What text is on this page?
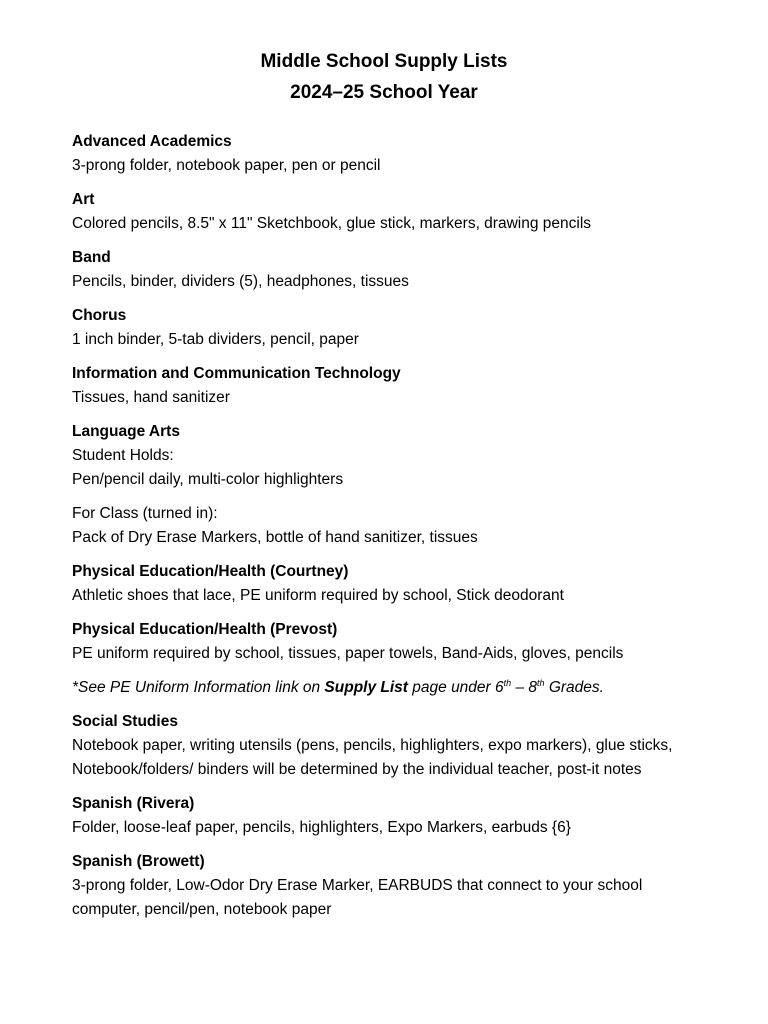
Middle School Supply Lists
2024–25 School Year
Advanced Academics
3-prong folder, notebook paper, pen or pencil
Art
Colored pencils, 8.5" x 11" Sketchbook, glue stick, markers, drawing pencils
Band
Pencils, binder, dividers (5), headphones, tissues
Chorus
1 inch binder, 5-tab dividers, pencil, paper
Information and Communication Technology
Tissues, hand sanitizer
Language Arts
Student Holds:
Pen/pencil daily, multi-color highlighters
For Class (turned in):
Pack of Dry Erase Markers, bottle of hand sanitizer, tissues
Physical Education/Health (Courtney)
Athletic shoes that lace, PE uniform required by school, Stick deodorant
Physical Education/Health (Prevost)
PE uniform required by school, tissues, paper towels, Band-Aids, gloves, pencils
*See PE Uniform Information link on Supply List page under 6th – 8th Grades.
Social Studies
Notebook paper, writing utensils (pens, pencils, highlighters, expo markers), glue sticks,
Notebook/folders/ binders will be determined by the individual teacher, post-it notes
Spanish (Rivera)
Folder, loose-leaf paper, pencils, highlighters, Expo Markers, earbuds {6}
Spanish (Browett)
3-prong folder, Low-Odor Dry Erase Marker, EARBUDS that connect to your school
computer, pencil/pen, notebook paper
